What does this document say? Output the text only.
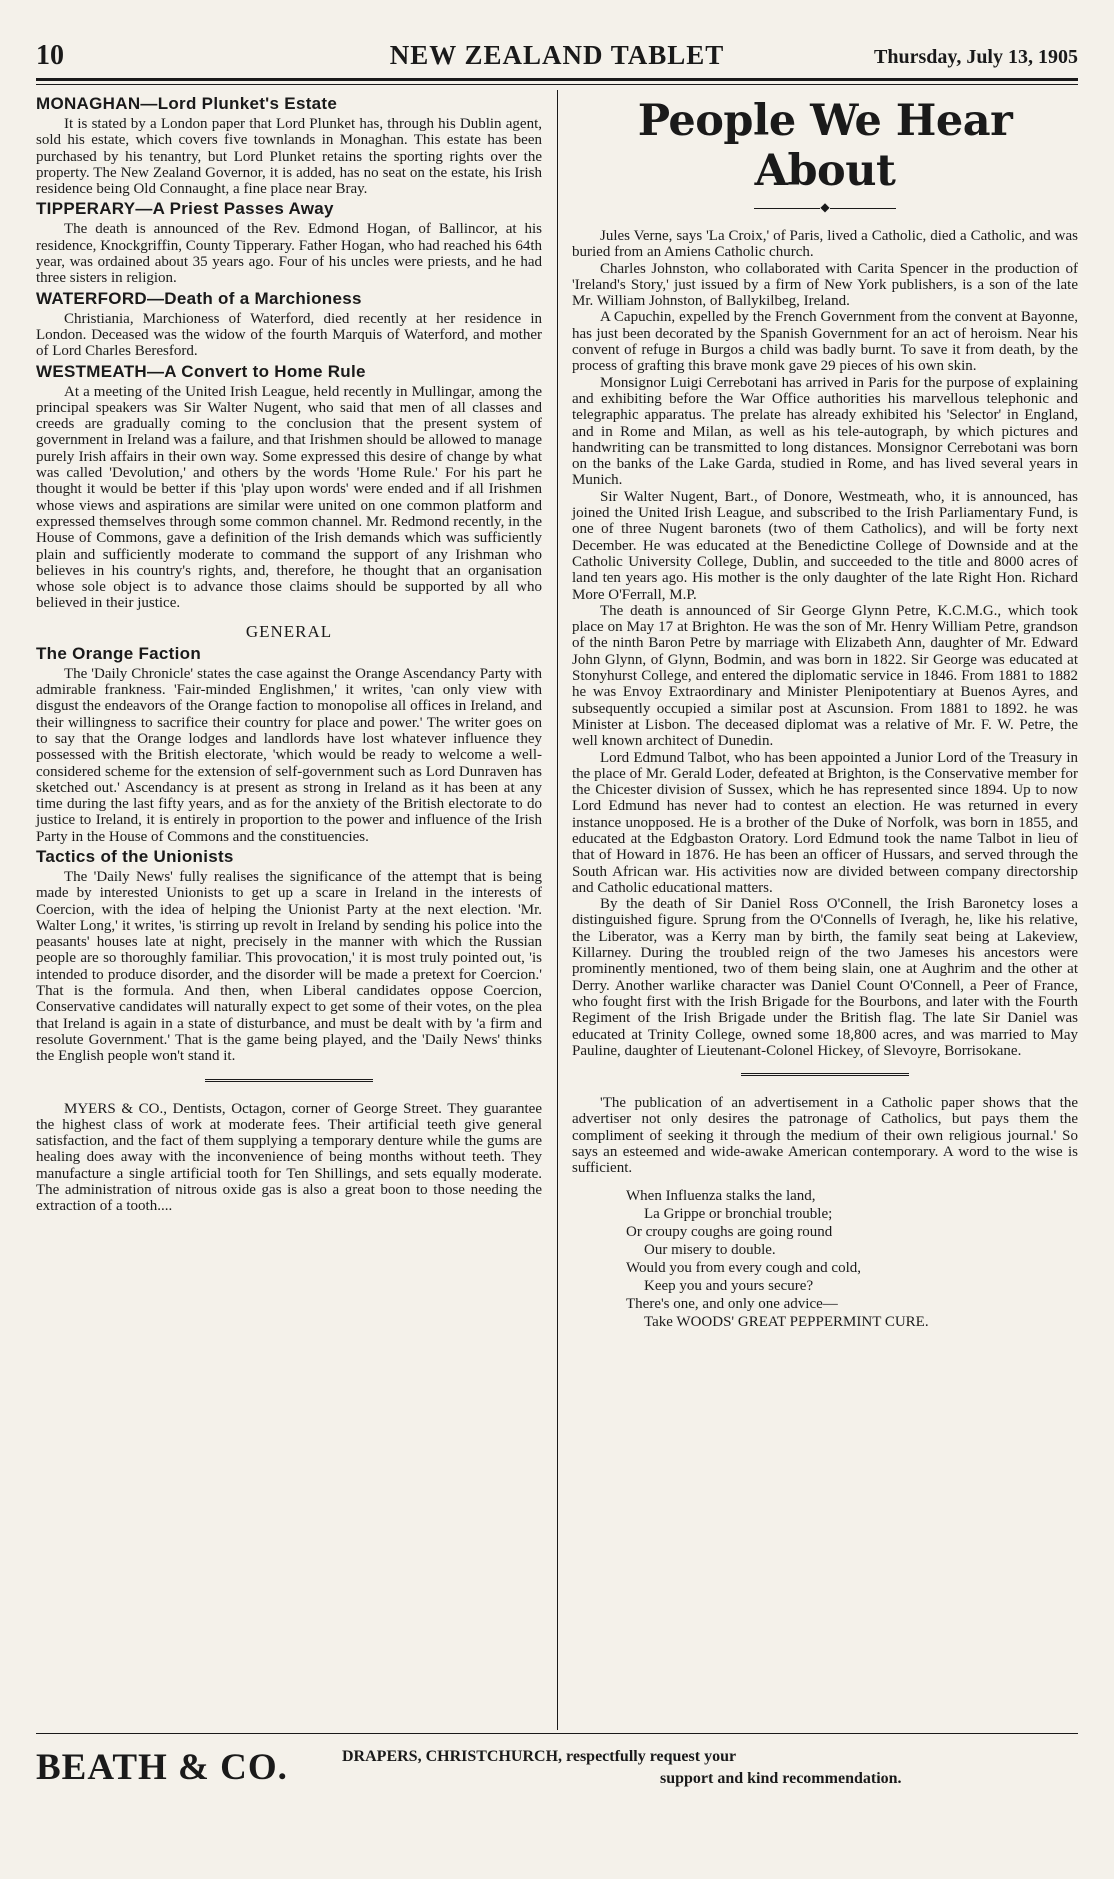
10	NEW ZEALAND TABLET	Thursday, July 13, 1905
MONAGHAN—Lord Plunket's Estate

It is stated by a London paper that Lord Plunket has, through his Dublin agent, sold his estate, which covers five townlands in Monaghan. This estate has been purchased by his tenantry, but Lord Plunket retains the sporting rights over the property. The New Zealand Governor, it is added, has no seat on the estate, his Irish residence being Old Connaught, a fine place near Bray.

TIPPERARY—A Priest Passes Away

The death is announced of the Rev. Edmond Hogan, of Ballincor, at his residence, Knockgriffin, County Tipperary. Father Hogan, who had reached his 64th year, was ordained about 35 years ago. Four of his uncles were priests, and he had three sisters in religion.

WATERFORD—Death of a Marchioness

Christiania, Marchioness of Waterford, died recently at her residence in London. Deceased was the widow of the fourth Marquis of Waterford, and mother of Lord Charles Beresford.

WESTMEATH—A Convert to Home Rule

At a meeting of the United Irish League, held recently in Mullingar, among the principal speakers was Sir Walter Nugent, who said that men of all classes and creeds are gradually coming to the conclusion that the present system of government in Ireland was a failure, and that Irishmen should be allowed to manage purely Irish affairs in their own way. Some expressed this desire of change by what was called 'Devolution,' and others by the words 'Home Rule.' For his part he thought it would be better if this 'play upon words' were ended and if all Irishmen whose views and aspirations are similar were united on one common platform and expressed themselves through some common channel. Mr. Redmond recently, in the House of Commons, gave a definition of the Irish demands which was sufficiently plain and sufficiently moderate to command the support of any Irishman who believes in his country's rights, and, therefore, he thought that an organisation whose sole object is to advance those claims should be supported by all who believed in their justice.

GENERAL
The Orange Faction

The 'Daily Chronicle' states the case against the Orange Ascendancy Party with admirable frankness. 'Fair-minded Englishmen,' it writes, 'can only view with disgust the endeavors of the Orange faction to monopolise all offices in Ireland, and their willingness to sacrifice their country for place and power.' The writer goes on to say that the Orange lodges and landlords have lost whatever influence they possessed with the British electorate, 'which would be ready to welcome a well-considered scheme for the extension of self-government such as Lord Dunraven has sketched out.' Ascendancy is at present as strong in Ireland as it has been at any time during the last fifty years, and as for the anxiety of the British electorate to do justice to Ireland, it is entirely in proportion to the power and influence of the Irish Party in the House of Commons and the constituencies.

Tactics of the Unionists

The 'Daily News' fully realises the significance of the attempt that is being made by interested Unionists to get up a scare in Ireland in the interests of Coercion, with the idea of helping the Unionist Party at the next election. 'Mr. Walter Long,' it writes, 'is stirring up revolt in Ireland by sending his police into the peasants' houses late at night, precisely in the manner with which the Russian people are so thoroughly familiar. This provocation,' it is most truly pointed out, 'is intended to produce disorder, and the disorder will be made a pretext for Coercion.' That is the formula. And then, when Liberal candidates oppose Coercion, Conservative candidates will naturally expect to get some of their votes, on the plea that Ireland is again in a state of disturbance, and must be dealt with by 'a firm and resolute Government.' That is the game being played, and the 'Daily News' thinks the English people won't stand it.

MYERS & CO., Dentists, Octagon, corner of George Street. They guarantee the highest class of work at moderate fees. Their artificial teeth give general satisfaction, and the fact of them supplying a temporary denture while the gums are healing does away with the inconvenience of being months without teeth. They manufacture a single artificial tooth for Ten Shillings, and sets equally moderate. The administration of nitrous oxide gas is also a great boon to those needing the extraction of a tooth....

People We Hear About
◆

Jules Verne, says 'La Croix,' of Paris, lived a Catholic, died a Catholic, and was buried from an Amiens Catholic church.

Charles Johnston, who collaborated with Carita Spencer in the production of 'Ireland's Story,' just issued by a firm of New York publishers, is a son of the late Mr. William Johnston, of Ballykilbeg, Ireland.

A Capuchin, expelled by the French Government from the convent at Bayonne, has just been decorated by the Spanish Government for an act of heroism. Near his convent of refuge in Burgos a child was badly burnt. To save it from death, by the process of grafting this brave monk gave 29 pieces of his own skin.

Monsignor Luigi Cerrebotani has arrived in Paris for the purpose of explaining and exhibiting before the War Office authorities his marvellous telephonic and telegraphic apparatus. The prelate has already exhibited his 'Selector' in England, and in Rome and Milan, as well as his tele-autograph, by which pictures and handwriting can be transmitted to long distances. Monsignor Cerrebotani was born on the banks of the Lake Garda, studied in Rome, and has lived several years in Munich.

Sir Walter Nugent, Bart., of Donore, Westmeath, who, it is announced, has joined the United Irish League, and subscribed to the Irish Parliamentary Fund, is one of three Nugent baronets (two of them Catholics), and will be forty next December. He was educated at the Benedictine College of Downside and at the Catholic University College, Dublin, and succeeded to the title and 8000 acres of land ten years ago. His mother is the only daughter of the late Right Hon. Richard More O'Ferrall, M.P.

The death is announced of Sir George Glynn Petre, K.C.M.G., which took place on May 17 at Brighton. He was the son of Mr. Henry William Petre, grandson of the ninth Baron Petre by marriage with Elizabeth Ann, daughter of Mr. Edward John Glynn, of Glynn, Bodmin, and was born in 1822. Sir George was educated at Stonyhurst College, and entered the diplomatic service in 1846. From 1881 to 1882 he was Envoy Extraordinary and Minister Plenipotentiary at Buenos Ayres, and subsequently occupied a similar post at Ascunsion. From 1881 to 1892. he was Minister at Lisbon. The deceased diplomat was a relative of Mr. F. W. Petre, the well known architect of Dunedin.

Lord Edmund Talbot, who has been appointed a Junior Lord of the Treasury in the place of Mr. Gerald Loder, defeated at Brighton, is the Conservative member for the Chicester division of Sussex, which he has represented since 1894. Up to now Lord Edmund has never had to contest an election. He was returned in every instance unopposed. He is a brother of the Duke of Norfolk, was born in 1855, and educated at the Edgbaston Oratory. Lord Edmund took the name Talbot in lieu of that of Howard in 1876. He has been an officer of Hussars, and served through the South African war. His activities now are divided between company directorship and Catholic educational matters.

By the death of Sir Daniel Ross O'Connell, the Irish Baronetcy loses a distinguished figure. Sprung from the O'Connells of Iveragh, he, like his relative, the Liberator, was a Kerry man by birth, the family seat being at Lakeview, Killarney. During the troubled reign of the two Jameses his ancestors were prominently mentioned, two of them being slain, one at Aughrim and the other at Derry. Another warlike character was Daniel Count O'Connell, a Peer of France, who fought first with the Irish Brigade for the Bourbons, and later with the Fourth Regiment of the Irish Brigade under the British flag. The late Sir Daniel was educated at Trinity College, owned some 18,800 acres, and was married to May Pauline, daughter of Lieutenant-Colonel Hickey, of Slevoyre, Borrisokane.

'The publication of an advertisement in a Catholic paper shows that the advertiser not only desires the patronage of Catholics, but pays them the compliment of seeking it through the medium of their own religious journal.' So says an esteemed and wide-awake American contemporary. A word to the wise is sufficient.

When Influenza stalks the land,
La Grippe or bronchial trouble;
Or croupy coughs are going round
Our misery to double.
Would you from every cough and cold,
Keep you and yours secure?
There's one, and only one advice—
Take WOODS' GREAT PEPPERMINT CURE.
BEATH & CO.	DRAPERS, CHRISTCHURCH, respectfully request your
support and kind recommendation.
